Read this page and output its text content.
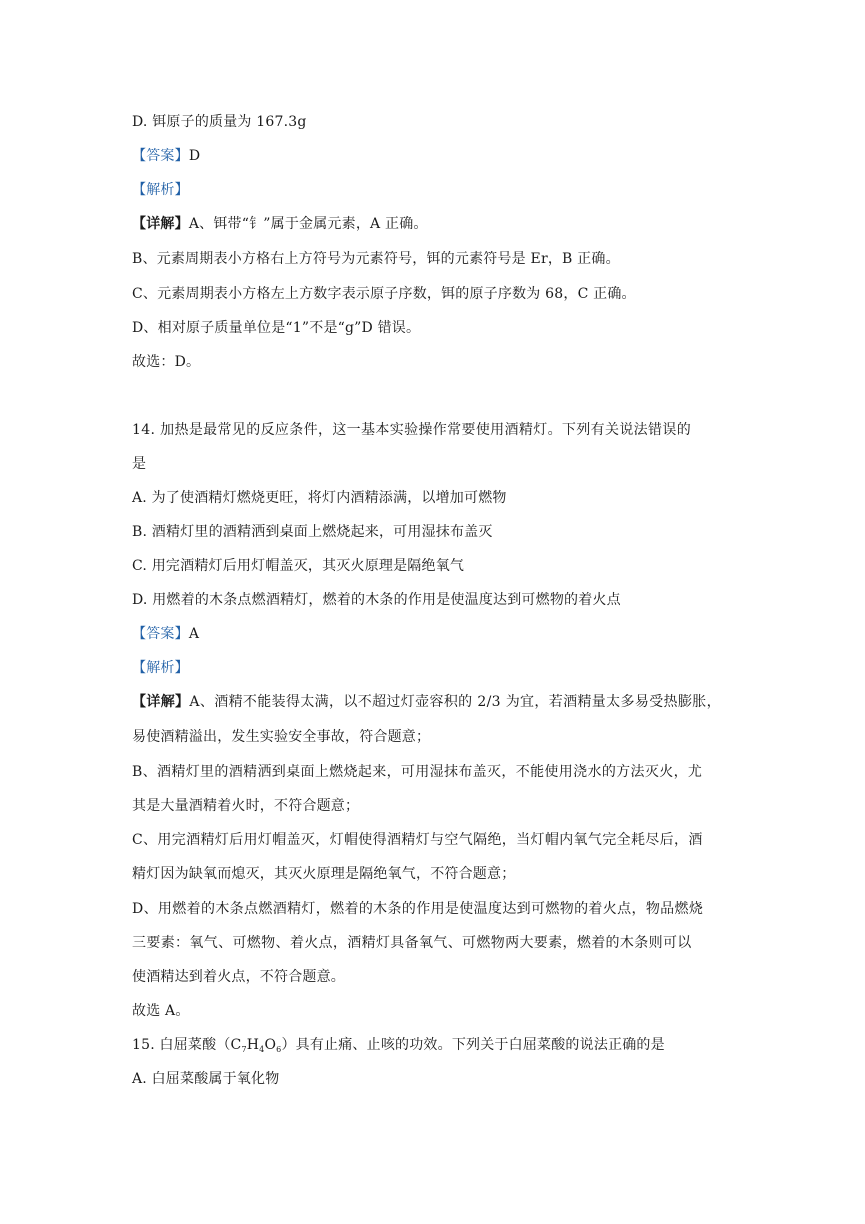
D. 铒原子的质量为 167.3g
【答案】D
【解析】
【详解】A、铒带“钅”属于金属元素，A 正确。
B、元素周期表小方格右上方符号为元素符号，铒的元素符号是 Er，B 正确。
C、元素周期表小方格左上方数字表示原子序数，铒的原子序数为 68，C 正确。
D、相对原子质量单位是“1”不是“g”D 错误。
故选：D。
14. 加热是最常见的反应条件，这一基本实验操作常要使用酒精灯。下列有关说法错误的
是
A. 为了使酒精灯燃烧更旺，将灯内酒精添满，以增加可燃物
B. 酒精灯里的酒精洒到桌面上燃烧起来，可用湿抹布盖灭
C. 用完酒精灯后用灯帽盖灭，其灭火原理是隔绝氧气
D. 用燃着的木条点燃酒精灯，燃着的木条的作用是使温度达到可燃物的着火点
【答案】A
【解析】
【详解】A、酒精不能装得太满，以不超过灯壶容积的 2/3 为宜，若酒精量太多易受热膨胀，
易使酒精溢出，发生实验安全事故，符合题意；
B、酒精灯里的酒精洒到桌面上燃烧起来，可用湿抹布盖灭，不能使用浇水的方法灭火，尤
其是大量酒精着火时，不符合题意；
C、用完酒精灯后用灯帽盖灭，灯帽使得酒精灯与空气隔绝，当灯帽内氧气完全耗尽后，酒
精灯因为缺氧而熄灭，其灭火原理是隔绝氧气，不符合题意；
D、用燃着的木条点燃酒精灯，燃着的木条的作用是使温度达到可燃物的着火点，物品燃烧
三要素：氧气、可燃物、着火点，酒精灯具备氧气、可燃物两大要素，燃着的木条则可以
使酒精达到着火点，不符合题意。
故选 A。
15. 白屈菜酸$(C_7H_4O_6)$具有止痛、止咳的功效。下列关于白屈菜酸的说法正确的是
A. 白屈菜酸属于氧化物
